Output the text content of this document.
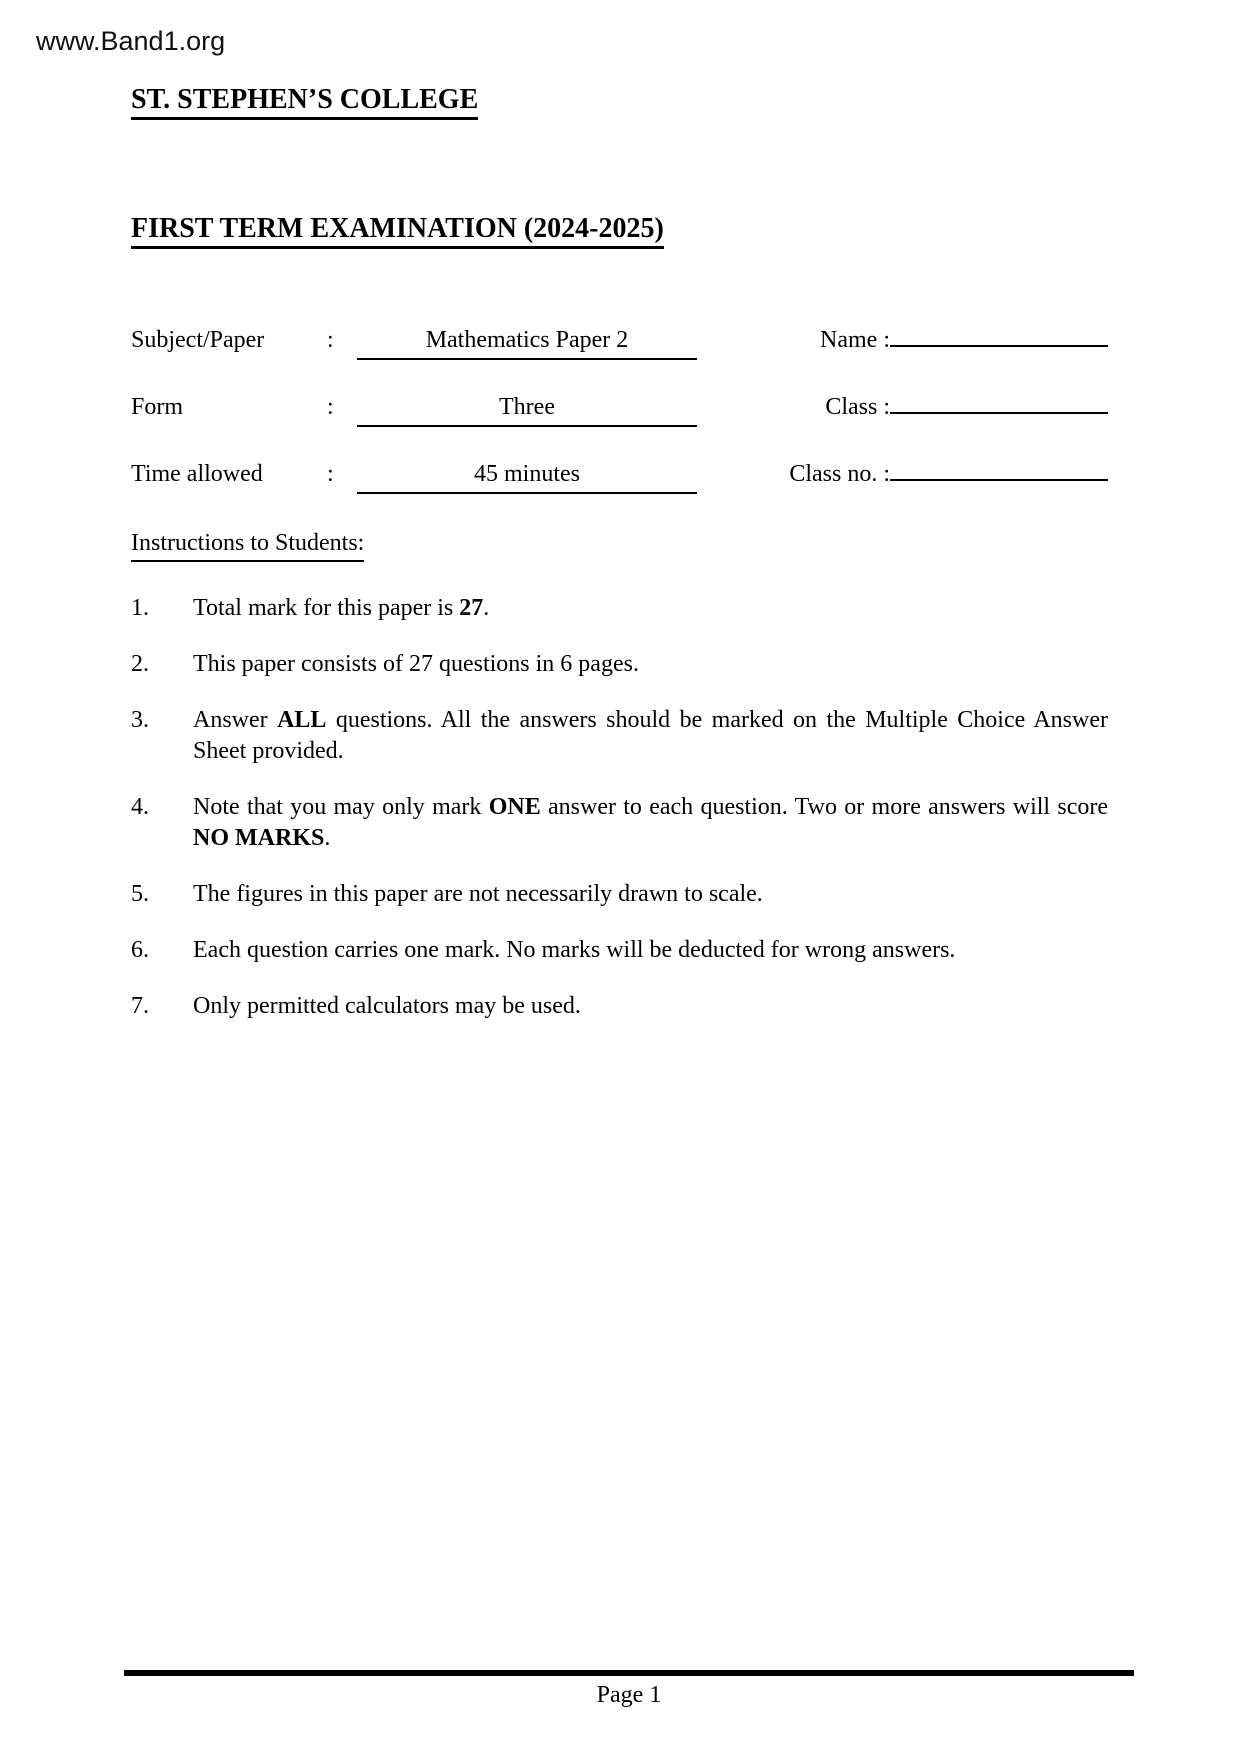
www.Band1.org
ST. STEPHEN’S COLLEGE
FIRST TERM EXAMINATION (2024-2025)
Subject/Paper	:	Mathematics Paper 2	Name :
Form	:	Three	Class :
Time allowed	:	45 minutes	Class no. :
Instructions to Students:
1.	Total mark for this paper is 27.
2.	This paper consists of 27 questions in 6 pages.
3.	Answer ALL questions. All the answers should be marked on the Multiple Choice Answer Sheet provided.
4.	Note that you may only mark ONE answer to each question. Two or more answers will score NO MARKS.
5.	The figures in this paper are not necessarily drawn to scale.
6.	Each question carries one mark. No marks will be deducted for wrong answers.
7.	Only permitted calculators may be used.
Page 1
